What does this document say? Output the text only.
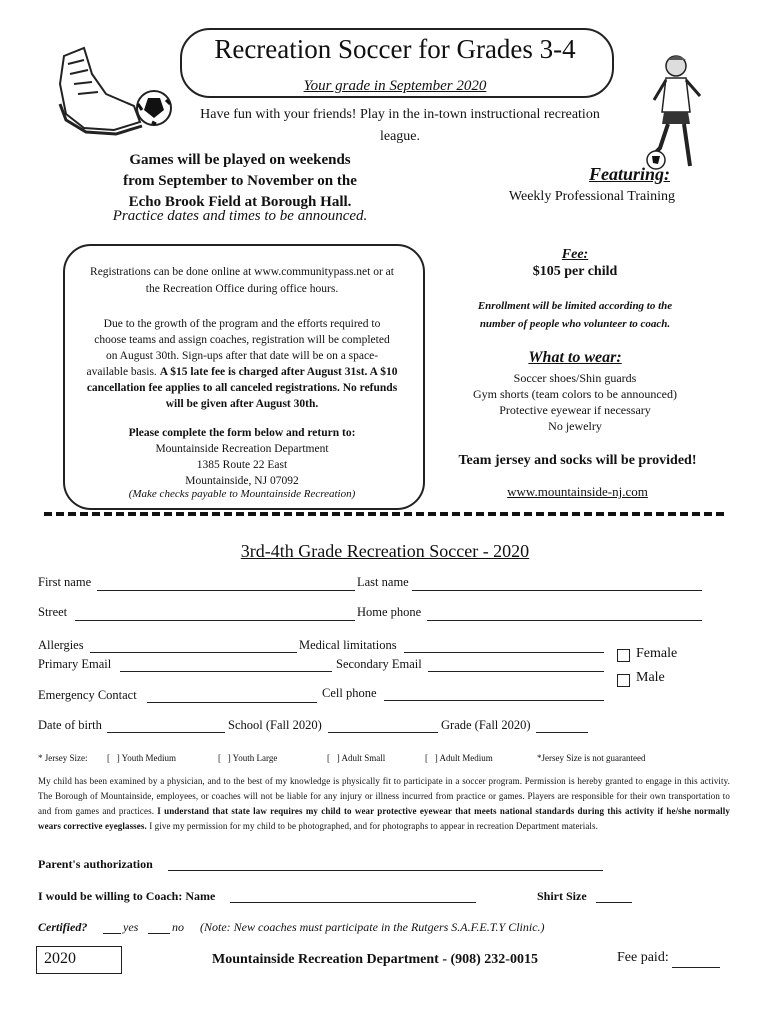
Recreation Soccer for Grades 3-4
Your grade in September 2020
Have fun with your friends! Play in the in-town instructional recreation league.
Games will be played on weekends
from September to November on the
Echo Brook Field at Borough Hall.
Practice dates and times to be announced.
Featuring:
Weekly Professional Training
Registrations can be done online at www.communitypass.net or at
the Recreation Office during office hours.
Due to the growth of the program and the efforts required to
choose teams and assign coaches, registration will be completed
on August 30th. Sign-ups after that date will be on a space-
available basis. A $15 late fee is charged after August 31st. A $10
cancellation fee applies to all canceled registrations. No refunds
will be given after August 30th.
Please complete the form below and return to:
Mountainside Recreation Department
1385 Route 22 East
Mountainside, NJ 07092
(Make checks payable to Mountainside Recreation)
Fee:
$105 per child
Enrollment will be limited according to the
number of people who volunteer to coach.
What to wear:
Soccer shoes/Shin guards
Gym shorts (team colors to be announced)
Protective eyewear if necessary
No jewelry
Team jersey and socks will be provided!
www.mountainside-nj.com
3rd-4th Grade Recreation Soccer - 2020
First name	Last name
Street	Home phone
Allergies	Medical limitations
Primary Email	Secondary Email
Female
Male
Emergency Contact	Cell phone
Date of birth	School (Fall 2020)	Grade (Fall 2020)
* Jersey Size: [   ] Youth Medium	[   ] Youth Large	[   ] Adult Small	[   ] Adult Medium	*Jersey Size is not guaranteed
My child has been examined by a physician, and to the best of my knowledge is physically fit to participate in a soccer program. Permission is hereby granted to engage in this activity. The Borough of Mountainside, employees, or coaches will not be liable for any injury or illness incurred from practice or games. Players are responsible for their own transportation to and from games and practices. I understand that state law requires my child to wear protective eyewear that meets national standards during this activity if he/she normally wears corrective eyeglasses. I give my permission for my child to be photographed, and for photographs to appear in recreation Department materials.
Parent's authorization
I would be willing to Coach: Name	Shirt Size
Certified?	yes	no (Note: New coaches must participate in the Rutgers S.A.F.E.T.Y Clinic.)
2020	Mountainside Recreation Department - (908) 232-0015	Fee paid:
